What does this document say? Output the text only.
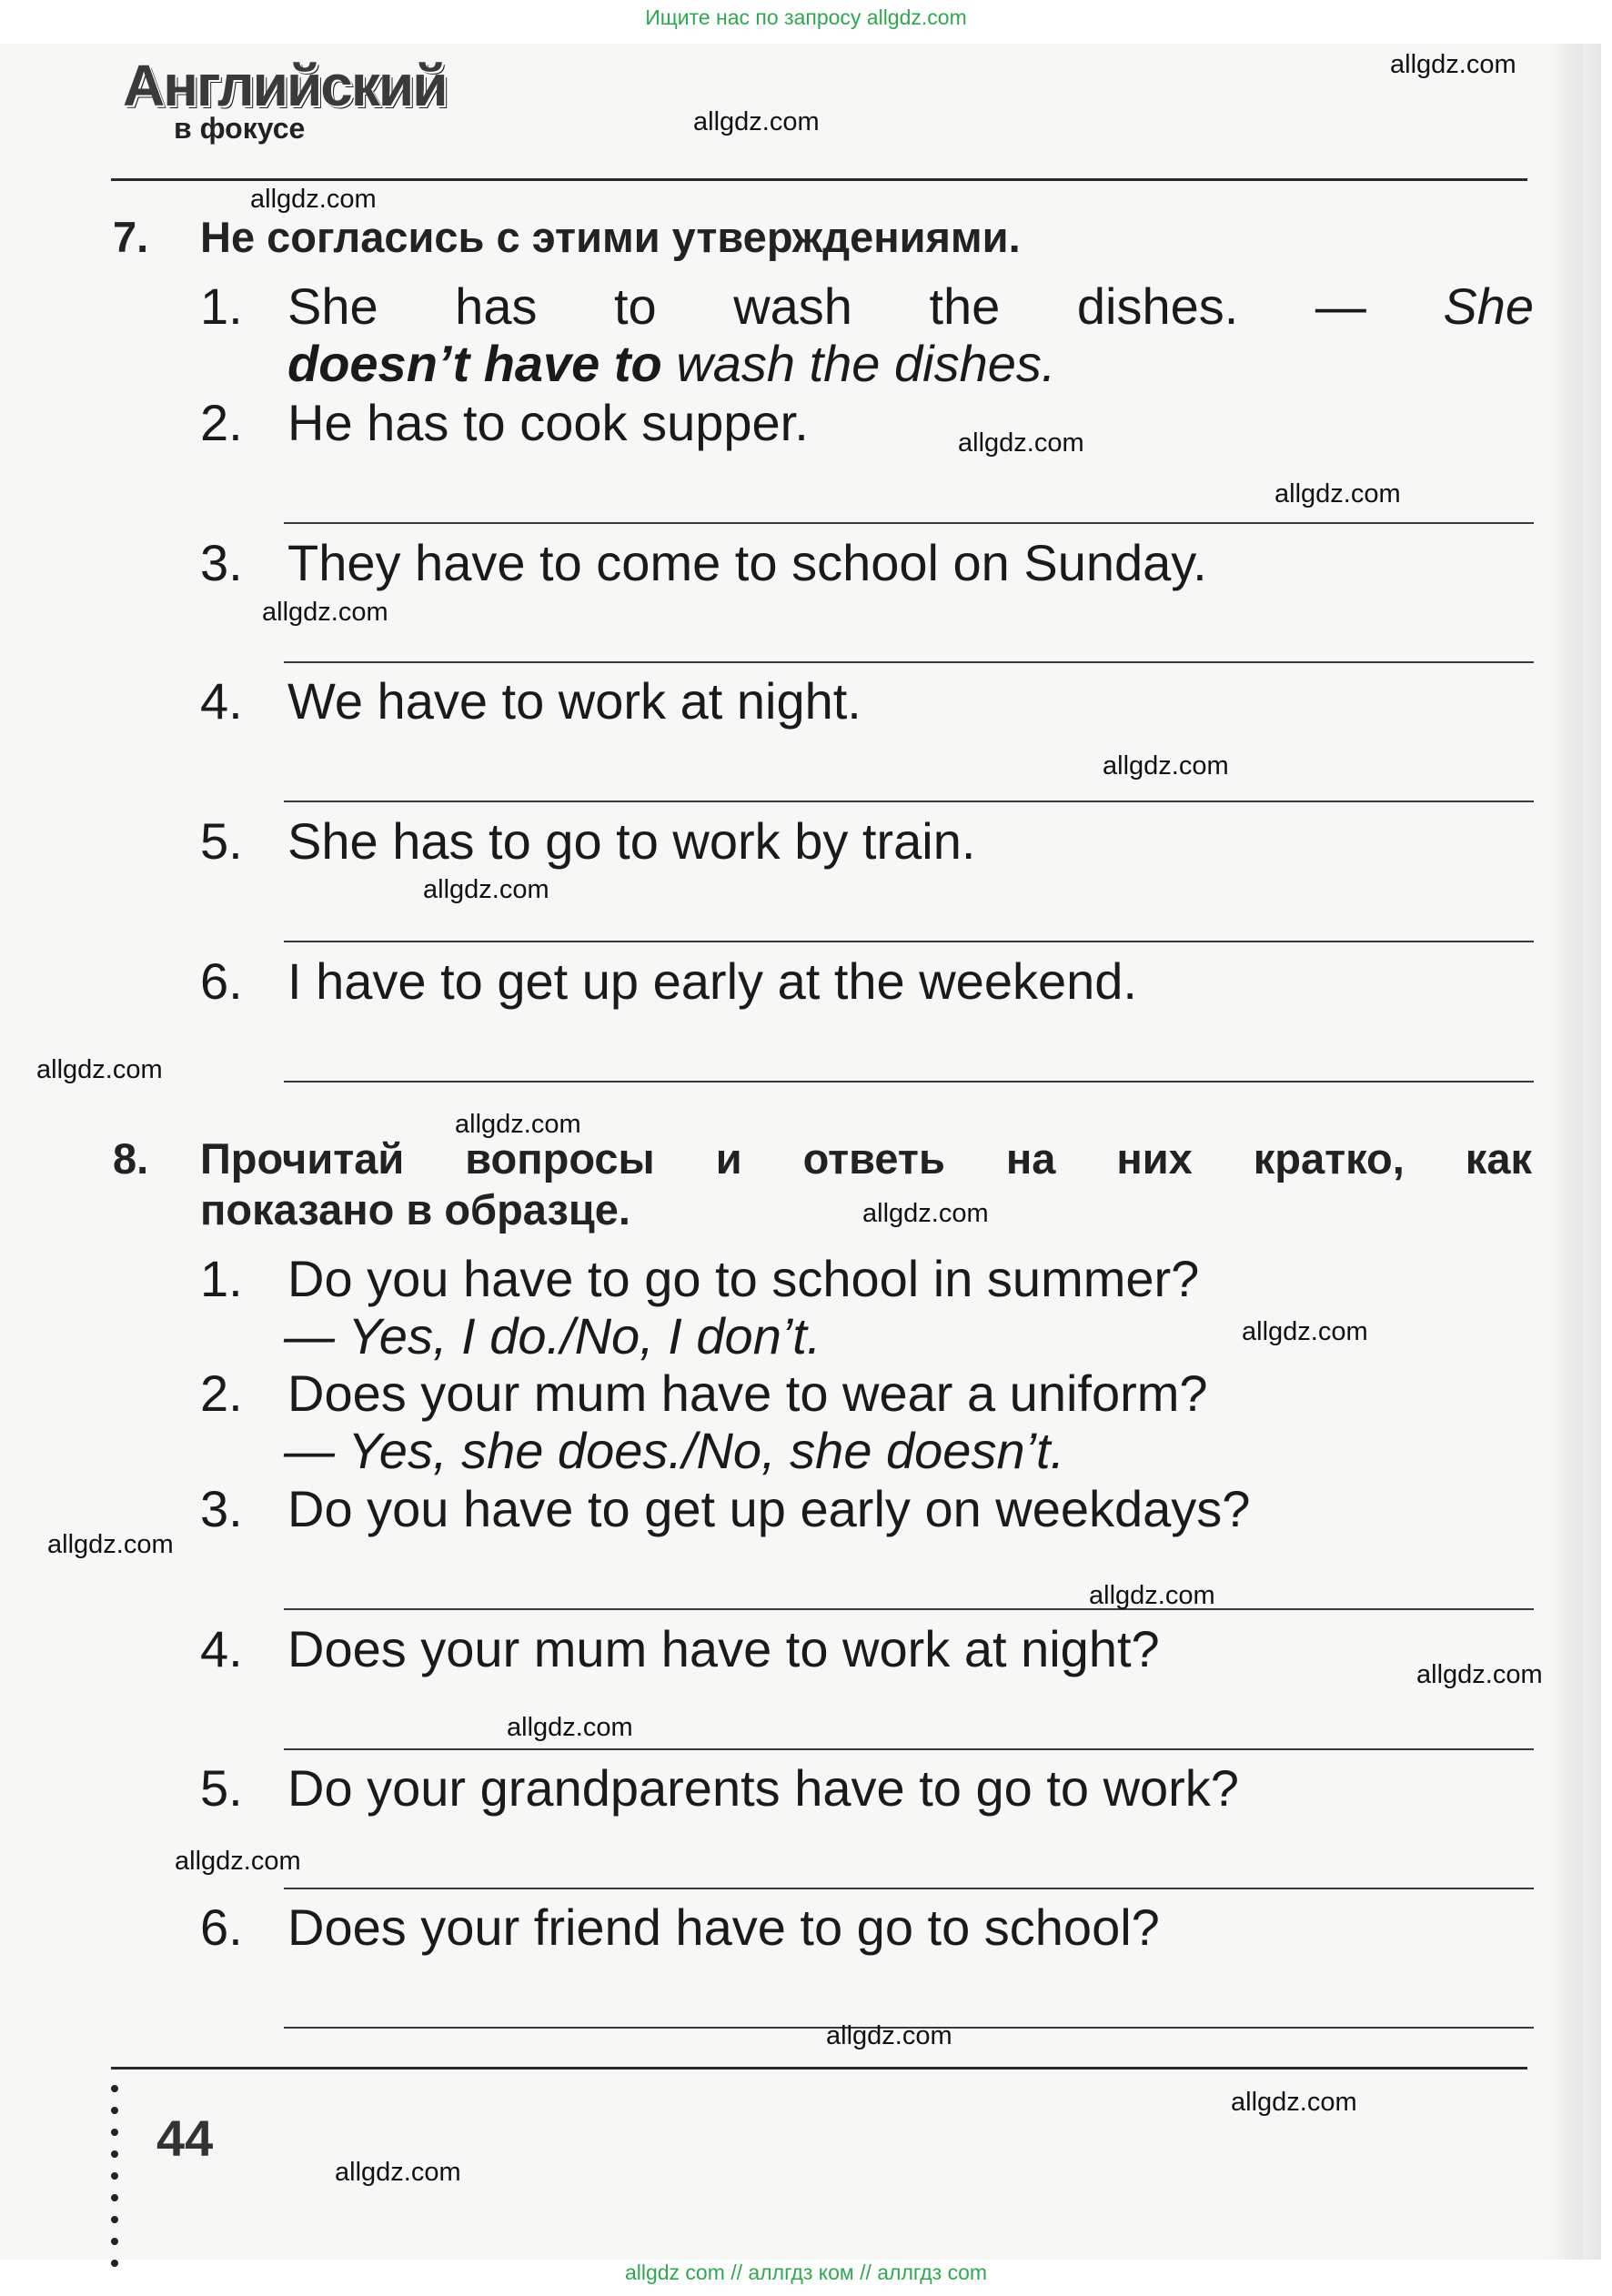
Ищите нас по запросу allgdz.com
Английский
в фокусе
7. Не согласись с этими утверждениями.
1. She has to wash the dishes. — She
doesn’t have to wash the dishes.
2. He has to cook supper.
3. They have to come to school on Sunday.
4. We have to work at night.
5. She has to go to work by train.
6. I have to get up early at the weekend.
8. Прочитай вопросы и ответь на них кратко, как
показано в образце.
1. Do you have to go to school in summer?
— Yes, I do./No, I don’t.
2. Does your mum have to wear a uniform?
— Yes, she does./No, she doesn’t.
3. Do you have to get up early on weekdays?
4. Does your mum have to work at night?
5. Do your grandparents have to go to work?
6. Does your friend have to go to school?
44
allgdz.com
allgdz.com
allgdz.com
allgdz.com
allgdz.com
allgdz.com
allgdz.com
allgdz.com
allgdz.com
allgdz.com
allgdz.com
allgdz.com
allgdz.com
allgdz.com
allgdz.com
allgdz.com
allgdz.com
allgdz.com
allgdz.com
allgdz.com
allgdz com // аллгдз ком // аллгдз com
